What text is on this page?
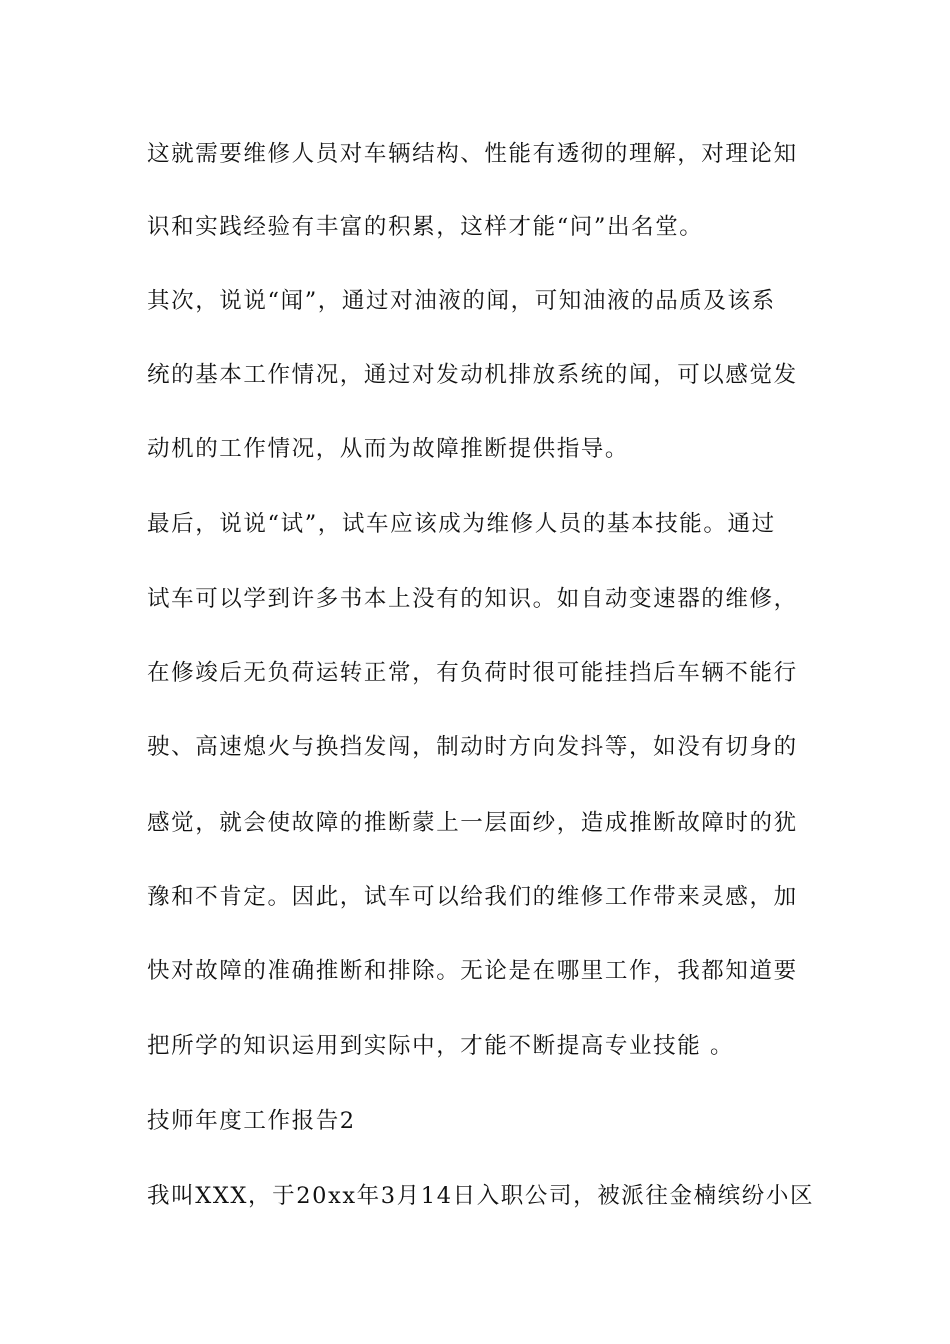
这就需要维修人员对车辆结构、性能有透彻的理解，对理论知
识和实践经验有丰富的积累，这样才能“问”出名堂。
其次，说说“闻”，通过对油液的闻，可知油液的品质及该系
统的基本工作情况，通过对发动机排放系统的闻，可以感觉发
动机的工作情况，从而为故障推断提供指导。
最后，说说“试”，试车应该成为维修人员的基本技能。通过
试车可以学到许多书本上没有的知识。如自动变速器的维修，
在修竣后无负荷运转正常，有负荷时很可能挂挡后车辆不能行
驶、高速熄火与换挡发闯，制动时方向发抖等，如没有切身的
感觉，就会使故障的推断蒙上一层面纱，造成推断故障时的犹
豫和不肯定。因此，试车可以给我们的维修工作带来灵感，加
快对故障的准确推断和排除。无论是在哪里工作，我都知道要
把所学的知识运用到实际中，才能不断提高专业技能 。
技师年度工作报告2
我叫XXX，于20xx年3月14日入职公司，被派往金楠缤纷小区
